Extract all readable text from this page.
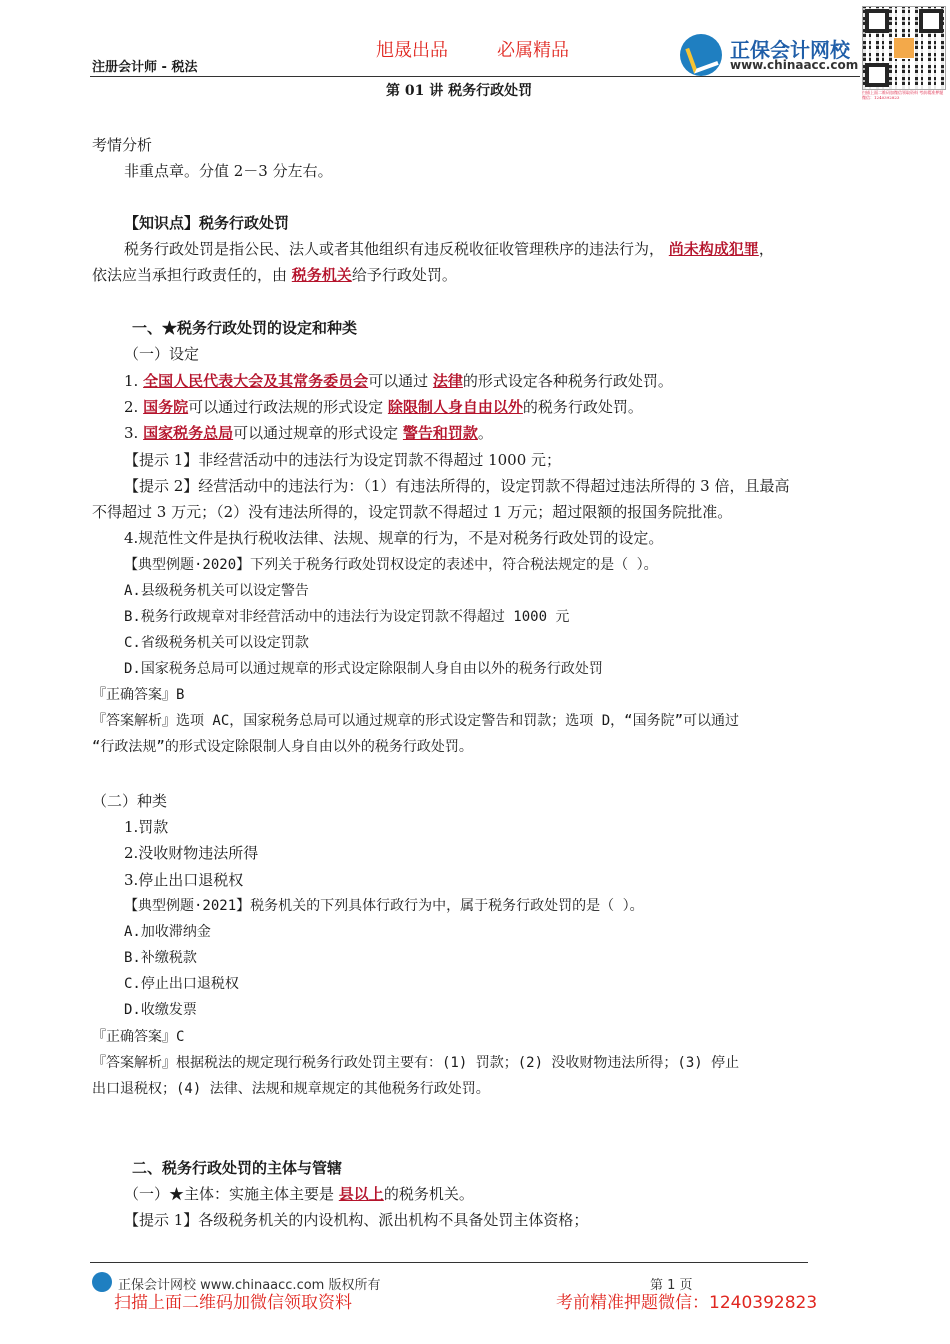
旭晟出品	必属精品
注册会计师 - 税法
正保会计网校
www.chinaacc.com
扫描上面二维码加微信领取资料 考前精准押题微信：1240392823
第 01 讲 税务行政处罚
考情分析
非重点章。分值 2－3 分左右。
【知识点】税务行政处罚
税务行政处罚是指公民、法人或者其他组织有违反税收征收管理秩序的违法行为， 尚未构成犯罪，
依法应当承担行政责任的，由 税务机关给予行政处罚。
一、★税务行政处罚的设定和种类
（一）设定
1. 全国人民代表大会及其常务委员会可以通过 法律的形式设定各种税务行政处罚。
2. 国务院可以通过行政法规的形式设定 除限制人身自由以外的税务行政处罚。
3. 国家税务总局可以通过规章的形式设定 警告和罚款。
【提示 1】非经营活动中的违法行为设定罚款不得超过 1000 元；
【提示 2】经营活动中的违法行为：（1）有违法所得的，设定罚款不得超过违法所得的 3 倍，且最高
不得超过 3 万元；（2）没有违法所得的，设定罚款不得超过 1 万元；超过限额的报国务院批准。
4.规范性文件是执行税收法律、法规、规章的行为，不是对税务行政处罚的设定。
【典型例题·2020】下列关于税务行政处罚权设定的表述中，符合税法规定的是（ ）。
A.县级税务机关可以设定警告
B.税务行政规章对非经营活动中的违法行为设定罚款不得超过 1000 元
C.省级税务机关可以设定罚款
D.国家税务总局可以通过规章的形式设定除限制人身自由以外的税务行政处罚
『正确答案』B
『答案解析』选项 AC，国家税务总局可以通过规章的形式设定警告和罚款；选项 D，“国务院”可以通过
“行政法规”的形式设定除限制人身自由以外的税务行政处罚。
（二）种类
1.罚款
2.没收财物违法所得
3.停止出口退税权
【典型例题·2021】税务机关的下列具体行政行为中，属于税务行政处罚的是（ ）。
A.加收滞纳金
B.补缴税款
C.停止出口退税权
D.收缴发票
『正确答案』C
『答案解析』根据税法的规定现行税务行政处罚主要有：(1) 罚款；(2) 没收财物违法所得；(3) 停止
出口退税权；(4) 法律、法规和规章规定的其他税务行政处罚。
二、税务行政处罚的主体与管辖
（一）★主体：实施主体主要是 县以上的税务机关。
【提示 1】各级税务机关的内设机构、派出机构不具备处罚主体资格；
正保会计网校 www.chinaacc.com 版权所有	第 1 页
扫描上面二维码加微信领取资料	考前精准押题微信：1240392823
